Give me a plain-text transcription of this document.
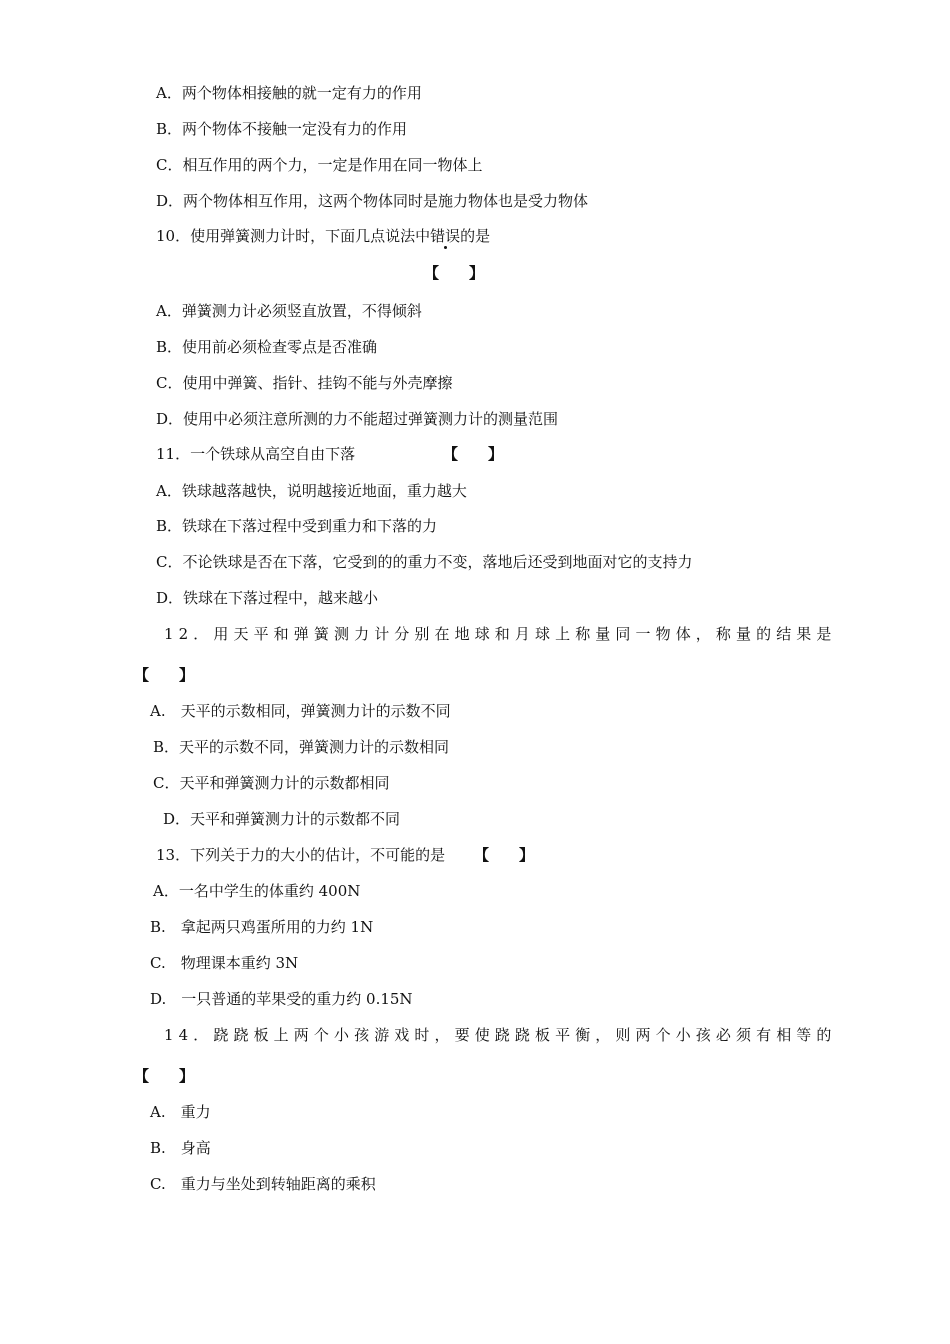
A．两个物体相接触的就一定有力的作用
B．两个物体不接触一定没有力的作用
C．相互作用的两个力，一定是作用在同一物体上
D．两个物体相互作用，这两个物体同时是施力物体也是受力物体
10．使用弹簧测力计时，下面几点说法中错误的是
【　　】
A．弹簧测力计必须竖直放置，不得倾斜
B．使用前必须检查零点是否准确
C．使用中弹簧、指针、挂钩不能与外壳摩擦
D．使用中必须注意所测的力不能超过弹簧测力计的测量范围
11．一个铁球从高空自由下落	【　　】
A．铁球越落越快，说明越接近地面，重力越大
B．铁球在下落过程中受到重力和下落的力
C．不论铁球是否在下落，它受到的的重力不变，落地后还受到地面对它的支持力
D．铁球在下落过程中，越来越小
12．用天平和弹簧测力计分别在地球和月球上称量同一物体，称量的结果是
【　　】
A.　天平的示数相同，弹簧测力计的示数不同
B．天平的示数不同，弹簧测力计的示数相同
C．天平和弹簧测力计的示数都相同
D．天平和弹簧测力计的示数都不同
13．下列关于力的大小的估计，不可能的是 【　　】
A．一名中学生的体重约 400N
B.　拿起两只鸡蛋所用的力约 1N
C.　物理课本重约 3N
D.　一只普通的苹果受的重力约 0.15N
14．跷跷板上两个小孩游戏时，要使跷跷板平衡，则两个小孩必须有相等的
【　　】
A.　重力
B.　身高
C.　重力与坐处到转轴距离的乘积
